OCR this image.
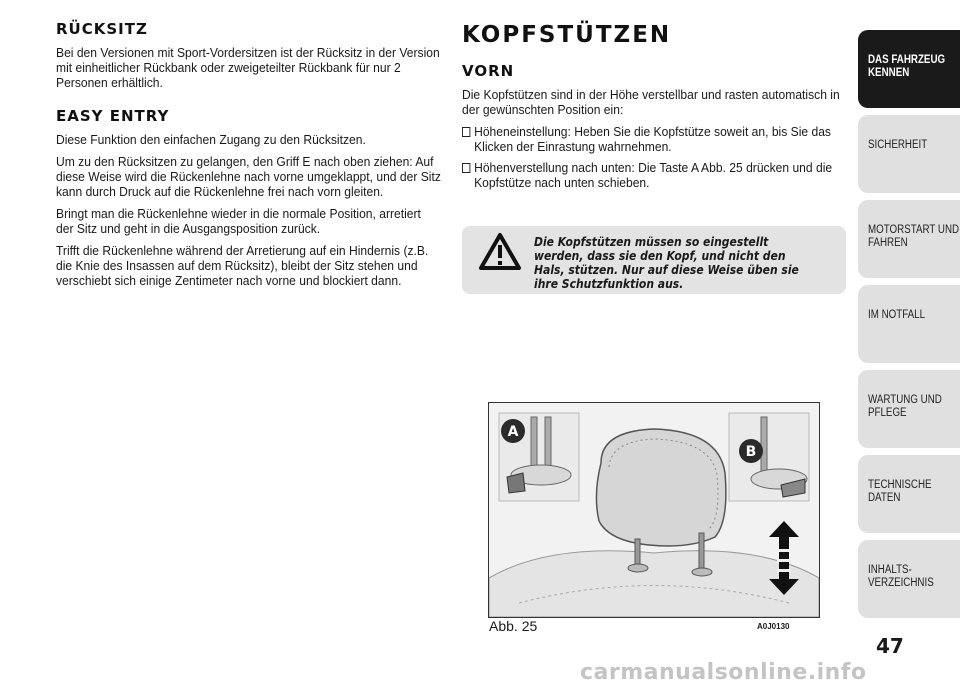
RÜCKSITZ

Bei den Versionen mit Sport-Vordersitzen ist der Rücksitz in der Version mit einheitlicher Rückbank oder zweigeteilter Rückbank für nur 2 Personen erhältlich.

EASY ENTRY

Diese Funktion den einfachen Zugang zu den Rücksitzen.

Um zu den Rücksitzen zu gelangen, den Griff E nach oben ziehen: Auf diese Weise wird die Rückenlehne nach vorne umgeklappt, und der Sitz kann durch Druck auf die Rückenlehne frei nach vorn gleiten.

Bringt man die Rückenlehne wieder in die normale Position, arretiert der Sitz und geht in die Ausgangsposition zurück.

Trifft die Rückenlehne während der Arretierung auf ein Hindernis (z.B. die Knie des Insassen auf dem Rücksitz), bleibt der Sitz stehen und verschiebt sich einige Zentimeter nach vorne und blockiert dann.

KOPFSTÜTZEN
VORN

Die Kopfstützen sind in der Höhe verstellbar und rasten automatisch in der gewünschten Position ein:

Höheneinstellung: Heben Sie die Kopfstütze soweit an, bis Sie das Klicken der Einrastung wahrnehmen.
Höhenverstellung nach unten: Die Taste A Abb. 25 drücken und die Kopfstütze nach unten schieben.
Die Kopfstützen müssen so eingestellt werden, dass sie den Kopf, und nicht den Hals, stützen. Nur auf diese Weise üben sie ihre Schutzfunktion aus.
A
B
Abb. 25	A0J0130
DAS FAHRZEUG
KENNEN
SICHERHEIT
MOTORSTART UND
FAHREN
IM NOTFALL
WARTUNG UND
PFLEGE
TECHNISCHE DATEN
INHALTS-
VERZEICHNIS
47
carmanualsonline.info
